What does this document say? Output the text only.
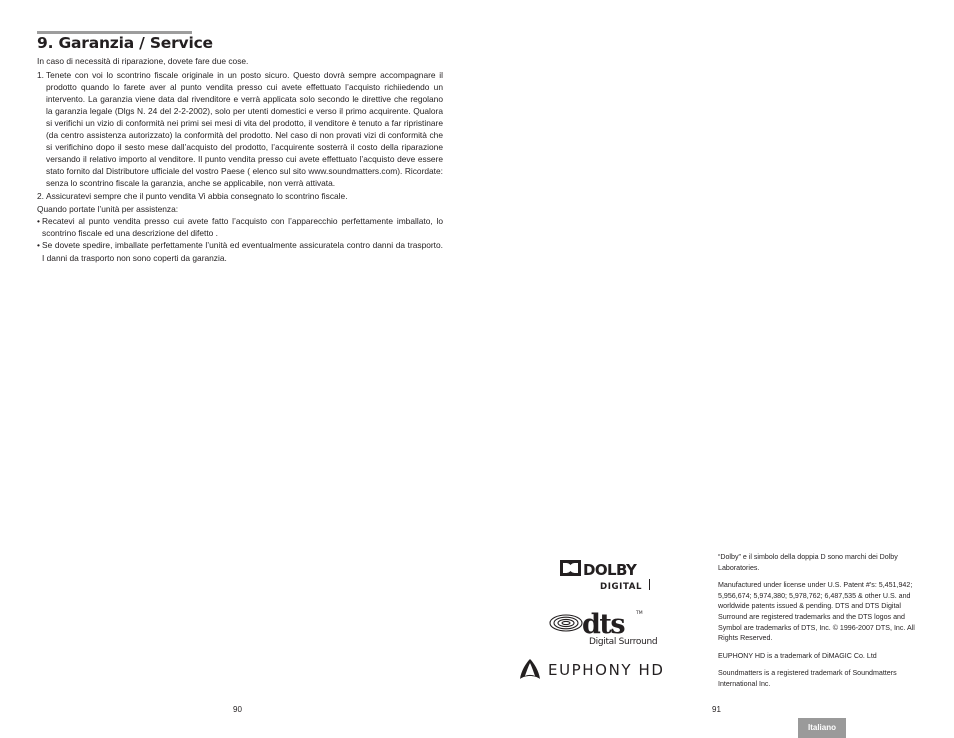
9. Garanzia / Service

In caso di necessità di riparazione, dovete fare due cose.

1. Tenete con voi lo scontrino fiscale originale in un posto sicuro. Questo dovrà sempre accompagnare il prodotto quando lo farete aver al punto vendita presso cui avete effettuato l’acquisto richiiedendo un intervento. La garanzia viene data dal rivenditore e verrà applicata solo secondo le direttive che regolano la garanzia legale (Dlgs N. 24 del 2-2-2002), solo per utenti domestici e verso il primo acquirente. Qualora si verifichi un vizio di conformità nei primi sei mesi di vita del prodotto, il venditore è tenuto a far ripristinare (da centro assistenza autorizzato) la conformità del prodotto. Nel caso di non provati vizi di conformità che si verifichino dopo il sesto mese dall’acquisto del prodotto, l’acquirente sosterrà il costo della riparazione versando il relativo importo al venditore. Il punto vendita presso cui avete effettuato l’acquisto deve essere stato fornito dal Distributore ufficiale del vostro Paese ( elenco sul sito www.soundmatters.com). Ricordate: senza lo scontrino fiscale la garanzia, anche se applicabile, non verrà attivata.

2. Assicuratevi sempre che il punto vendita Vi abbia consegnato lo scontrino fiscale.

Quando portate l’unità per assistenza:

• Recatevi al punto vendita presso cui avete fatto l’acquisto con l’apparecchio perfettamente imballato, lo scontrino fiscale ed una descrizione del difetto .

• Se dovete spedire, imballate perfettamente l’unità ed eventualmente assicuratela contro danni da trasporto. I danni da trasporto non sono coperti da garanzia.

DOLBY
DIGITAL
dts	TM
Digital Surround
EUPHONY HD

“Dolby” e il simbolo della doppia D sono marchi dei Dolby Laboratories.

Manufactured under license under U.S. Patent #’s: 5,451,942; 5,956,674; 5,974,380; 5,978,762; 6,487,535 & other U.S. and worldwide patents issued & pending. DTS and DTS Digital Surround are registered trademarks and the DTS logos and Symbol are trademarks of DTS, Inc. © 1996-2007 DTS, Inc. All Rights Reserved.

EUPHONY HD is a trademark of DiMAGIC Co. Ltd

Soundmatters is a registered trademark of Soundmatters International Inc.

90	91
Italiano
